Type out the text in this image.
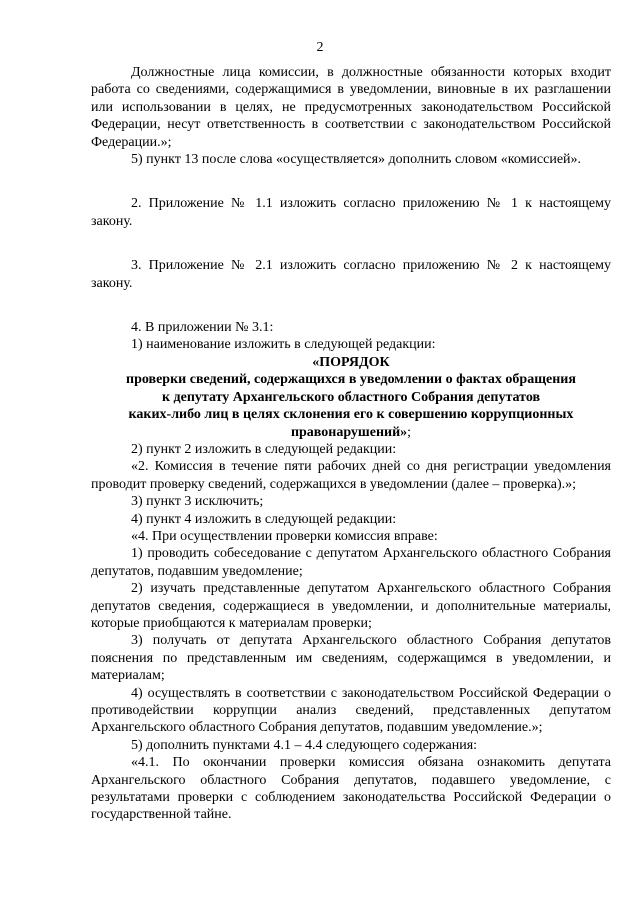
2

Должностные лица комиссии, в должностные обязанности которых входит работа со сведениями, содержащимися в уведомлении, виновные в их разглашении или использовании в целях, не предусмотренных законодательством Российской Федерации, несут ответственность в соответствии с законодательством Российской Федерации.»;

5) пункт 13 после слова «осуществляется» дополнить словом «комиссией».

2. Приложение № 1.1 изложить согласно приложению № 1 к настоящему закону.

3. Приложение № 2.1 изложить согласно приложению № 2 к настоящему закону.

4. В приложении № 3.1:

1) наименование изложить в следующей редакции:

«ПОРЯДОК

проверки сведений, содержащихся в уведомлении о фактах обращения

к депутату Архангельского областного Собрания депутатов

каких-либо лиц в целях склонения его к совершению коррупционных

правонарушений»;

2) пункт 2 изложить в следующей редакции:

«2. Комиссия в течение пяти рабочих дней со дня регистрации уведомления проводит проверку сведений, содержащихся в уведомлении (далее – проверка).»;

3) пункт 3 исключить;

4) пункт 4 изложить в следующей редакции:

«4. При осуществлении проверки комиссия вправе:

1) проводить собеседование с депутатом Архангельского областного Собрания депутатов, подавшим уведомление;

2) изучать представленные депутатом Архангельского областного Собрания депутатов сведения, содержащиеся в уведомлении, и дополнительные материалы, которые приобщаются к материалам проверки;

3) получать от депутата Архангельского областного Собрания депутатов пояснения по представленным им сведениям, содержащимся в уведомлении, и материалам;

4) осуществлять в соответствии с законодательством Российской Федерации о противодействии коррупции анализ сведений, представленных депутатом Архангельского областного Собрания депутатов, подавшим уведомление.»;

5) дополнить пунктами 4.1 – 4.4 следующего содержания:

«4.1. По окончании проверки комиссия обязана ознакомить депутата Архангельского областного Собрания депутатов, подавшего уведомление, с результатами проверки с соблюдением законодательства Российской Федерации о государственной тайне.
